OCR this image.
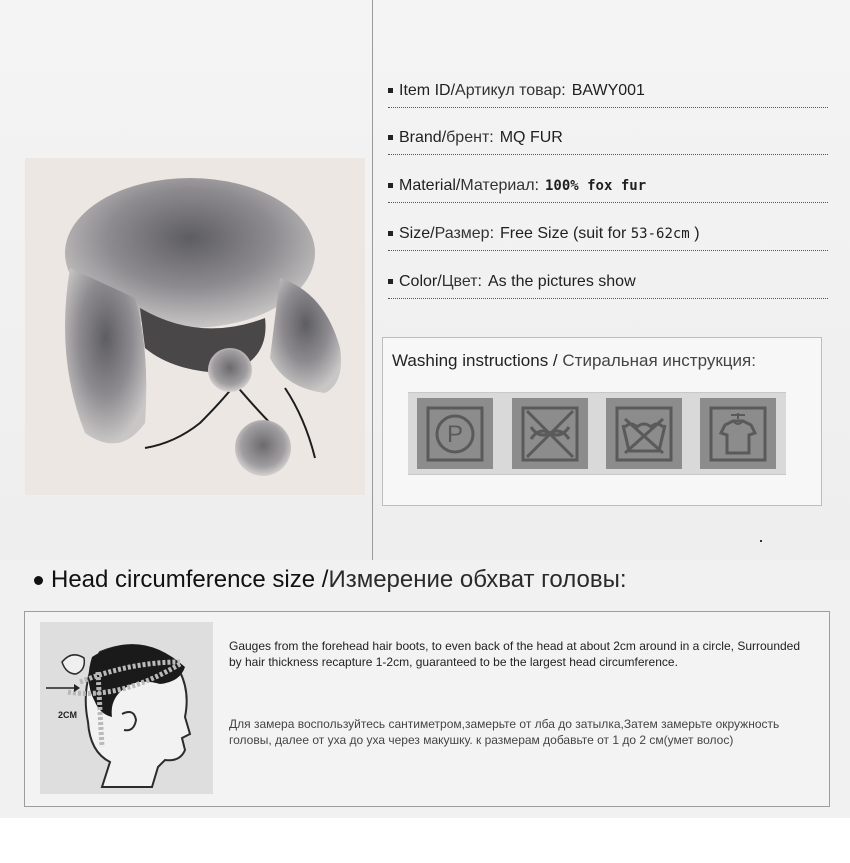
Item ID/Артикул товар: BAWY001
Brand/брент: MQ FUR
Material/Материал: 100% fox fur
Size/Размер: Free Size (suit for 53-62cm )
Color/Цвет: As the pictures show
Washing instructions / Стиральная инструкция:
P
Head circumference size /Измерение обхват головы:
2CM
Gauges from the forehead hair boots, to even back of the head at about 2cm around in a circle, Surrounded by hair thickness recapture 1-2cm, guaranteed to be the largest head circumference.
Для замера воспользуйтесь сантиметром,замерьте от лба до затылка,Затем замерьте окружность головы, далее от уха до уха через макушку. к размерам добавьте от 1 до 2 см(умет волос)
